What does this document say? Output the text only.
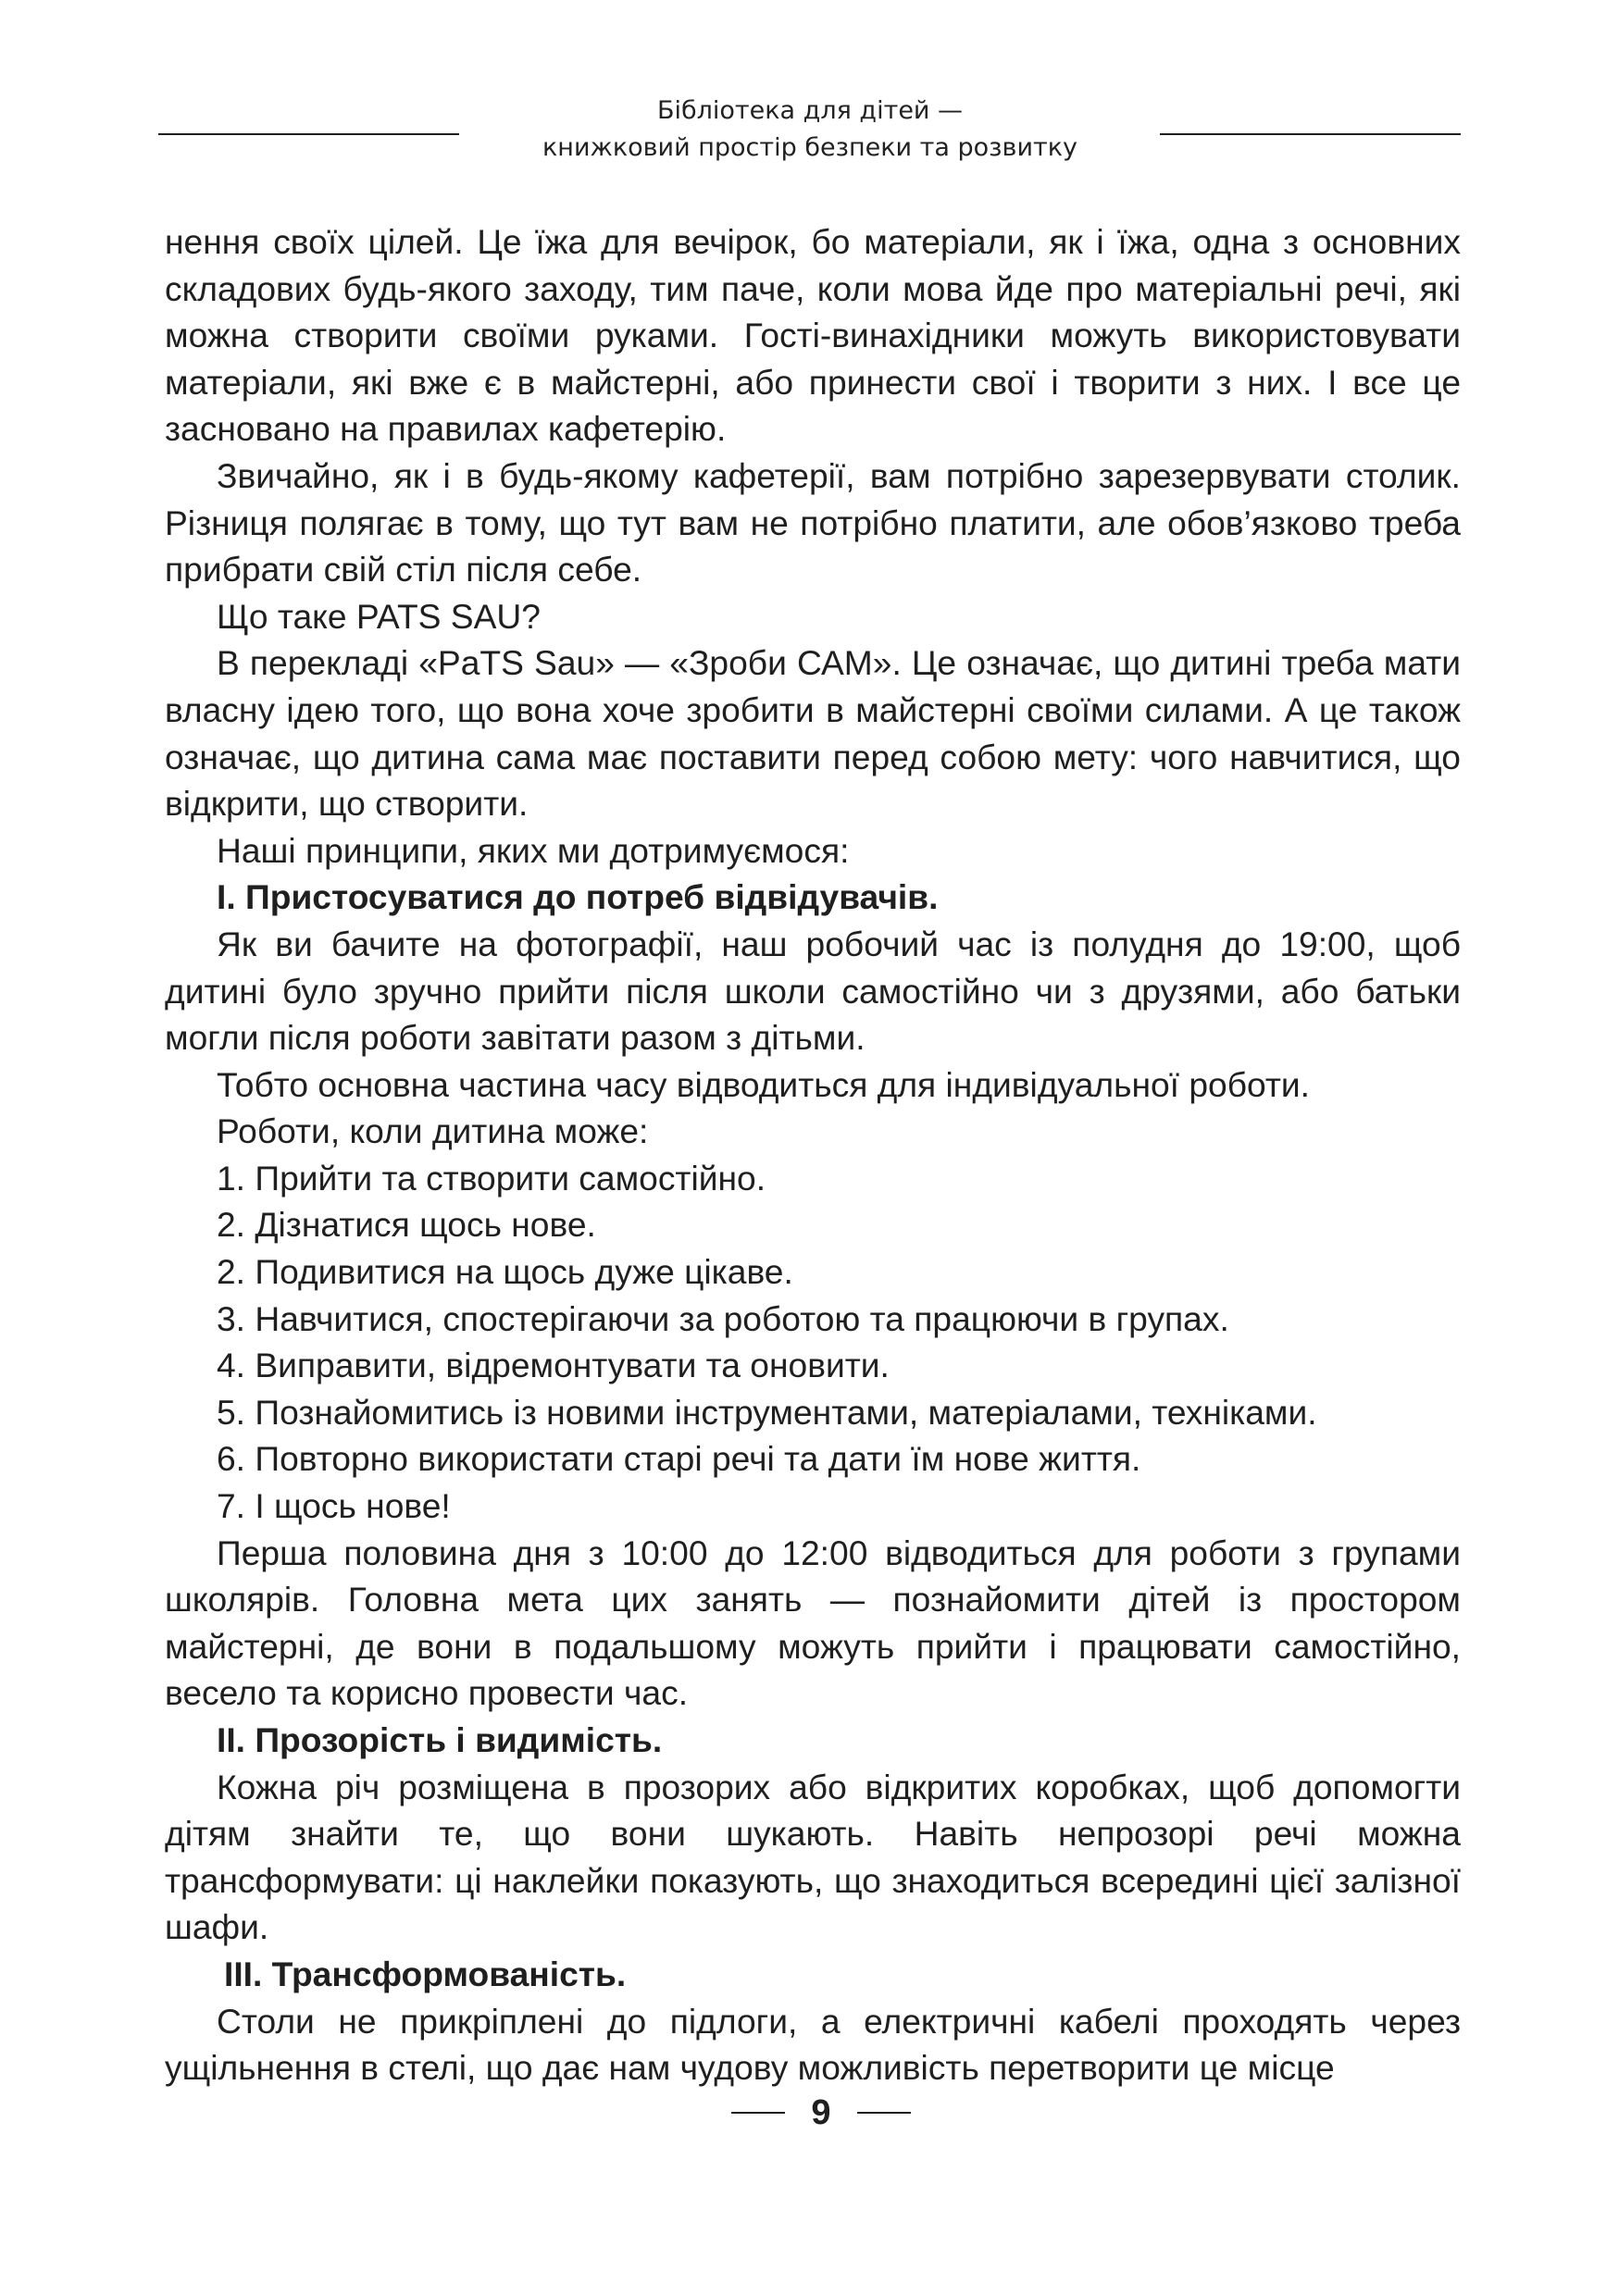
Бібліотека для дітей —
книжковий простір безпеки та розвитку

нення своїх цілей. Це їжа для вечірок, бо матеріали, як і їжа, одна з основних складових будь-якого заходу, тим паче, коли мова йде про матеріальні речі, які можна створити своїми руками. Гості-винахідники можуть використовувати матеріали, які вже є в майстерні, або принести свої і творити з них. І все це засновано на правилах кафетерію.

Звичайно, як і в будь-якому кафетерії, вам потрібно зарезервувати столик. Різниця полягає в тому, що тут вам не потрібно платити, але обов’язково треба прибрати свій стіл після себе.

Що таке PATS SAU?

В перекладі «PaTS Sau» — «Зроби САМ». Це означає, що дитині треба мати власну ідею того, що вона хоче зробити в майстерні своїми силами. А це також означає, що дитина сама має поставити перед собою мету: чого навчитися, що відкрити, що створити.

Наші принципи, яких ми дотримуємося:

І. Пристосуватися до потреб відвідувачів.

Як ви бачите на фотографії, наш робочий час із полудня до 19:00, щоб дитині було зручно прийти після школи самостійно чи з друзями, або батьки могли після роботи завітати разом з дітьми.

Тобто основна частина часу відводиться для індивідуальної роботи.

Роботи, коли дитина може:

1. Прийти та створити самостійно.

2. Дізнатися щось нове.

2. Подивитися на щось дуже цікаве.

3. Навчитися, спостерігаючи за роботою та працюючи в групах.

4. Виправити, відремонтувати та оновити.

5. Познайомитись із новими інструментами, матеріалами, техніками.

6. Повторно використати старі речі та дати їм нове життя.

7. І щось нове!

Перша половина дня з 10:00 до 12:00 відводиться для роботи з групами школярів. Головна мета цих занять — познайомити дітей із простором майстерні, де вони в подальшому можуть прийти і працювати самостійно, весело та корисно провести час.

ІІ. Прозорість і видимість.

Кожна річ розміщена в прозорих або відкритих коробках, щоб допомогти дітям знайти те, що вони шукають. Навіть непрозорі речі можна трансформувати: ці наклейки показують, що знаходиться всередині цієї залізної шафи.

ІІІ. Трансформованість.

Столи не прикріплені до підлоги, а електричні кабелі проходять через ущільнення в стелі, що дає нам чудову можливість перетворити це місце

9
